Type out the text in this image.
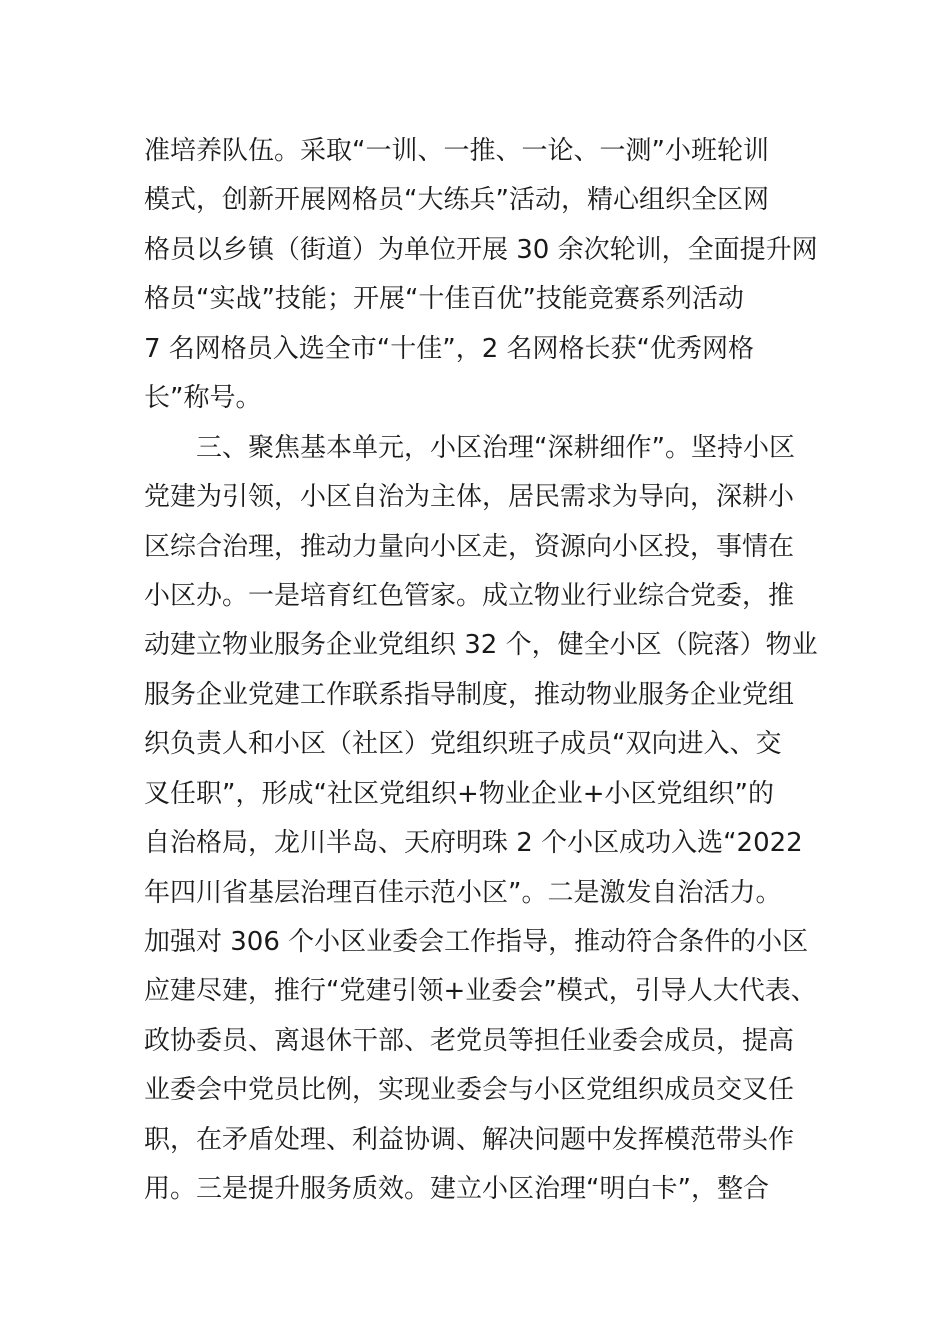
准培养队伍。采取“一训、一推、一论、一测”小班轮训
模式，创新开展网格员“大练兵”活动，精心组织全区网
格员以乡镇（街道）为单位开展 30 余次轮训，全面提升网
格员“实战”技能；开展“十佳百优”技能竞赛系列活动
7 名网格员入选全市“十佳”，2 名网格长获“优秀网格
长”称号。
三、聚焦基本单元，小区治理“深耕细作”。坚持小区
党建为引领，小区自治为主体，居民需求为导向，深耕小
区综合治理，推动力量向小区走，资源向小区投，事情在
小区办。一是培育红色管家。成立物业行业综合党委，推
动建立物业服务企业党组织 32 个，健全小区（院落）物业
服务企业党建工作联系指导制度，推动物业服务企业党组
织负责人和小区（社区）党组织班子成员“双向进入、交
叉任职”，形成“社区党组织+物业企业+小区党组织”的
自治格局，龙川半岛、天府明珠 2 个小区成功入选“2022
年四川省基层治理百佳示范小区”。二是激发自治活力。
加强对 306 个小区业委会工作指导，推动符合条件的小区
应建尽建，推行“党建引领+业委会”模式，引导人大代表、
政协委员、离退休干部、老党员等担任业委会成员，提高
业委会中党员比例，实现业委会与小区党组织成员交叉任
职，在矛盾处理、利益协调、解决问题中发挥模范带头作
用。三是提升服务质效。建立小区治理“明白卡”，整合
